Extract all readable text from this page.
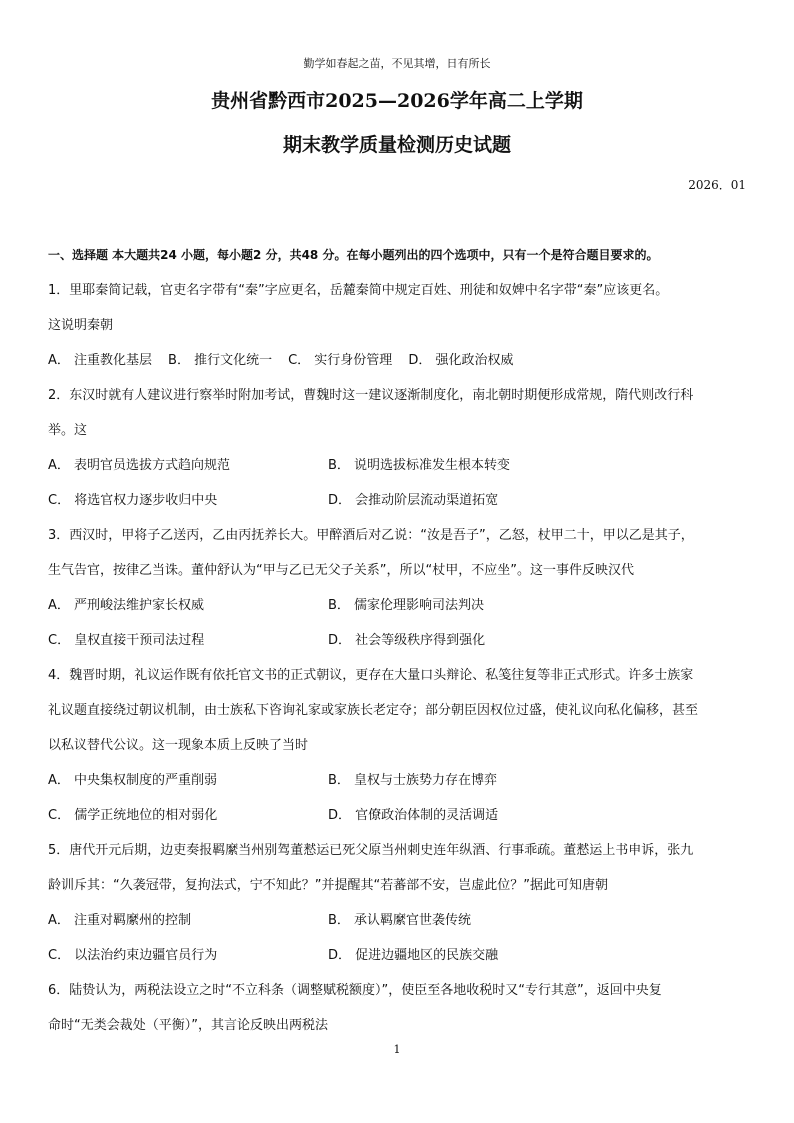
勤学如春起之苗，不见其增，日有所长
贵州省黔西市2025—2026学年高二上学期
期末教学质量检测历史试题
2026．01
一、选择题 本大题共24 小题，每小题2 分，共48 分。在每小题列出的四个选项中，只有一个是符合题目要求的。
1．里耶秦简记载，官吏名字带有“秦”字应更名，岳麓秦简中规定百姓、刑徒和奴婢中名字带“秦”应该更名。
这说明秦朝
A． 注重教化基层 B． 推行文化统一 C． 实行身份管理 D． 强化政治权威
2．东汉时就有人建议进行察举时附加考试，曹魏时这一建议逐渐制度化，南北朝时期便形成常规，隋代则改行科
举。这
A． 表明官员选拔方式趋向规范	B． 说明选拔标准发生根本转变
C． 将选官权力逐步收归中央	D． 会推动阶层流动渠道拓宽
3．西汉时，甲将子乙送丙，乙由丙抚养长大。甲醉酒后对乙说：“汝是吾子”，乙怒，杖甲二十，甲以乙是其子，
生气告官，按律乙当诛。董仲舒认为“甲与乙已无父子关系”，所以“杖甲，不应坐”。这一事件反映汉代
A． 严刑峻法维护家长权威	B． 儒家伦理影响司法判决
C． 皇权直接干预司法过程	D． 社会等级秩序得到强化
4．魏晋时期，礼议运作既有依托官文书的正式朝议，更存在大量口头辩论、私笺往复等非正式形式。许多士族家
礼议题直接绕过朝议机制，由士族私下咨询礼家或家族长老定夺；部分朝臣因权位过盛，使礼议向私化偏移，甚至
以私议替代公议。这一现象本质上反映了当时
A． 中央集权制度的严重削弱	B． 皇权与士族势力存在博弈
C． 儒学正统地位的相对弱化	D． 官僚政治体制的灵活调适
5．唐代开元后期，边吏奏报羁縻当州别驾董慭运已死父原当州刺史连年纵酒、行事乖疏。董慭运上书申诉，张九
龄训斥其：“久袭冠带，复拘法式，宁不知此？”并提醒其“若蕃部不安，岂虚此位？”据此可知唐朝
A． 注重对羁縻州的控制	B． 承认羁縻官世袭传统
C． 以法治约束边疆官员行为	D． 促进边疆地区的民族交融
6．陆贽认为，两税法设立之时“不立科条（调整赋税额度）”，使臣至各地收税时又“专行其意”，返回中央复
命时“无类会裁处（平衡）”，其言论反映出两税法
1
